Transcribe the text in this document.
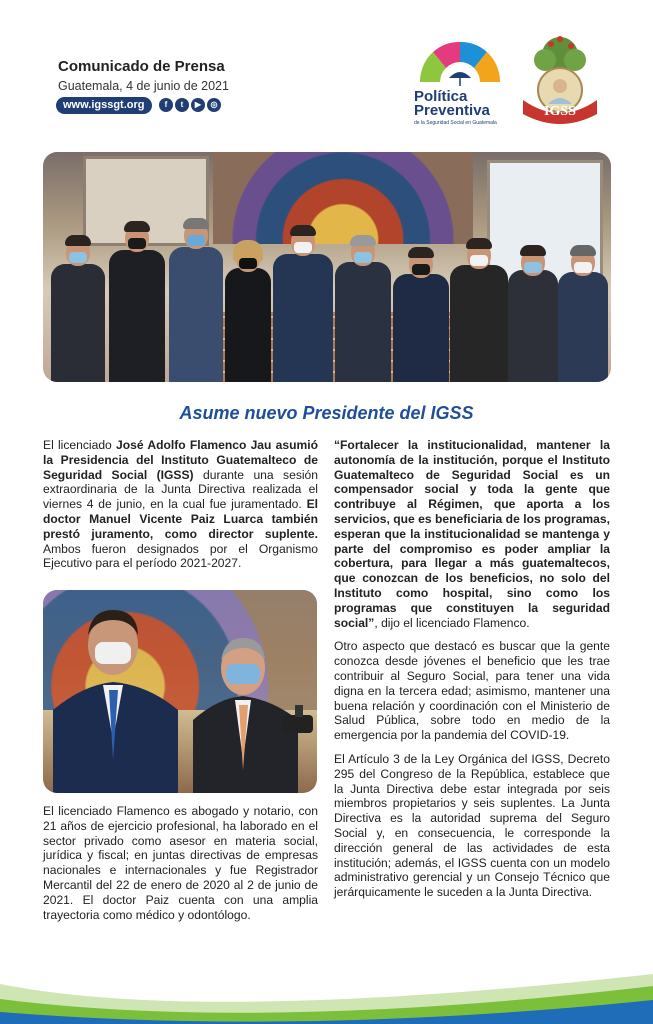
Comunicado de Prensa
Guatemala, 4 de junio de 2021
www.igssgt.org	f	t	▶	◎	Política
Preventiva
de la Seguridad Social en Guatemala
IGSS
Asume nuevo Presidente del IGSS

El licenciado José Adolfo Flamenco Jau asumió la Presidencia del Instituto Guatemalteco de Seguridad Social (IGSS) durante una sesión extraordinaria de la Junta Directiva realizada el viernes 4 de junio, en la cual fue juramentado. El doctor Manuel Vicente Paiz Luarca también prestó juramento, como director suplente. Ambos fueron designados por el Organismo Ejecutivo para el período 2021-2027.

El licenciado Flamenco es abogado y notario, con 21 años de ejercicio profesional, ha laborado en el sector privado como asesor en materia social, jurídica y fiscal; en juntas directivas de empresas nacionales e internacionales y fue Registrador Mercantil del 22 de enero de 2020 al 2 de junio de 2021. El doctor Paiz cuenta con una amplia trayectoria como médico y odontólogo.

“Fortalecer la institucionalidad, mantener la autonomía de la institución, porque el Instituto Guatemalteco de Seguridad Social es un compensador social y toda la gente que contribuye al Régimen, que aporta a los servicios, que es beneficiaria de los programas, esperan que la institucionalidad se mantenga y parte del compromiso es poder ampliar la cobertura, para llegar a más guatemaltecos, que conozcan de los beneficios, no solo del Instituto como hospital, sino como los programas que constituyen la seguridad social”, dijo el licenciado Flamenco.

Otro aspecto que destacó es buscar que la gente conozca desde jóvenes el beneficio que les trae contribuir al Seguro Social, para tener una vida digna en la tercera edad; asimismo, mantener una buena relación y coordinación con el Ministerio de Salud Pública, sobre todo en medio de la emergencia por la pandemia del COVID-19.

El Artículo 3 de la Ley Orgánica del IGSS, Decreto 295 del Congreso de la República, establece que la Junta Directiva debe estar integrada por seis miembros propietarios y seis suplentes. La Junta Directiva es la autoridad suprema del Seguro Social y, en consecuencia, le corresponde la dirección general de las actividades de esta institución; además, el IGSS cuenta con un modelo administrativo gerencial y un Consejo Técnico que jerárquicamente le suceden a la Junta Directiva.
